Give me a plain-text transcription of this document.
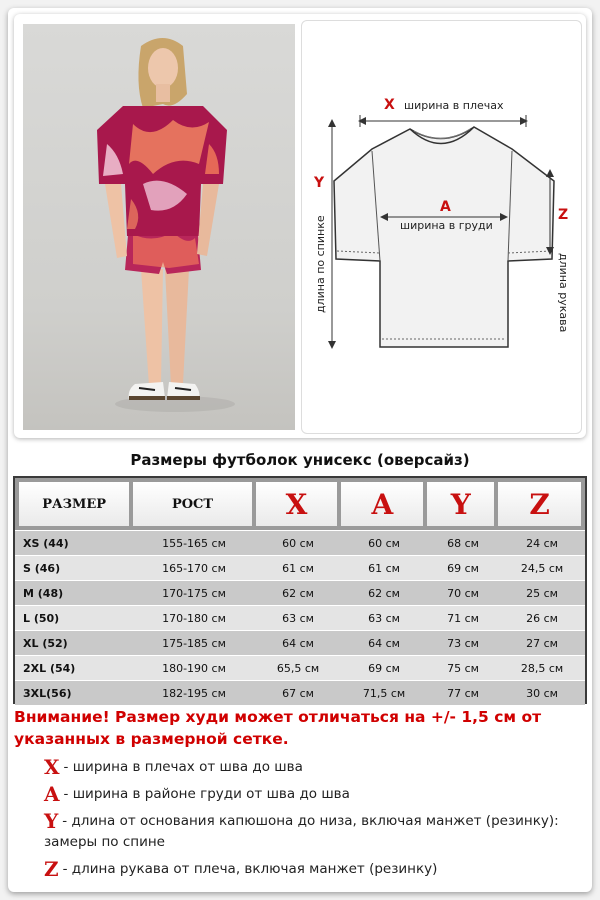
X ширина в плечах
A
ширина в груди
Y
длина по спинке
Z
длина рукава
Размеры футболок унисекс (оверсайз)
РАЗМЕР	РОСТ	X	A	Y	Z
XS (44)	155-165 см	60 см	60 см	68 см	24 см
S (46)	165-170 см	61 см	61 см	69 см	24,5 см
M (48)	170-175 см	62 см	62 см	70 см	25 см
L (50)	170-180 см	63 см	63 см	71 см	26 см
XL (52)	175-185 см	64 см	64 см	73 см	27 см
2XL (54)	180-190 см	65,5 см	69 см	75 см	28,5 см
3XL(56)	182-195 см	67 см	71,5 см	77 см	30 см
Внимание! Размер худи может отличаться на +/- 1,5 см от указанных в размерной сетке.
X - ширина в плечах от шва до шва
A - ширина в районе груди от шва до шва
Y - длина от основания капюшона до низа, включая манжет (резинку): замеры по спине
Z - длина рукава от плеча, включая манжет (резинку)
